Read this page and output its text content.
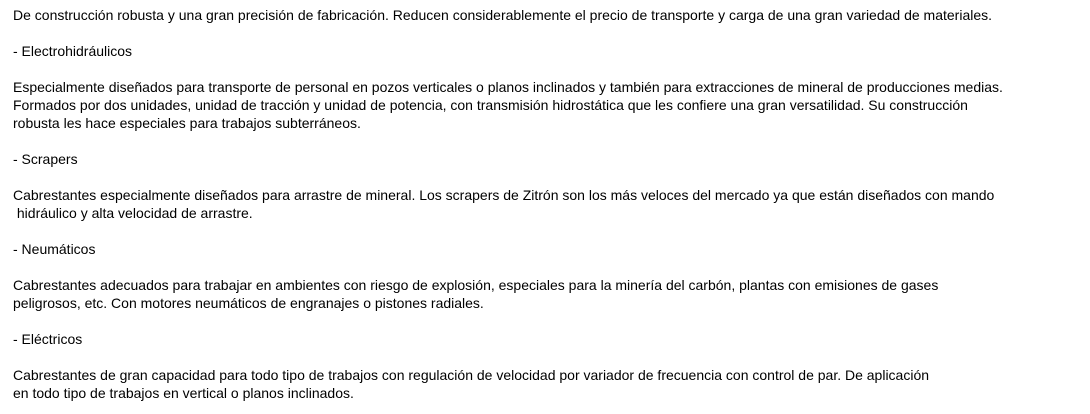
De construcción robusta y una gran precisión de fabricación. Reducen considerablemente el precio de transporte y carga de una gran variedad de materiales.
- Electrohidráulicos
Especialmente diseñados para transporte de personal en pozos verticales o planos inclinados y también para extracciones de mineral de producciones medias.
Formados por dos unidades, unidad de tracción y unidad de potencia, con transmisión hidrostática que les confiere una gran versatilidad. Su construcción
robusta les hace especiales para trabajos subterráneos.
- Scrapers
Cabrestantes especialmente diseñados para arrastre de mineral. Los scrapers de Zitrón son los más veloces del mercado ya que están diseñados con mando
hidráulico y alta velocidad de arrastre.
- Neumáticos
Cabrestantes adecuados para trabajar en ambientes con riesgo de explosión, especiales para la minería del carbón, plantas con emisiones de gases
peligrosos, etc. Con motores neumáticos de engranajes o pistones radiales.
- Eléctricos
Cabrestantes de gran capacidad para todo tipo de trabajos con regulación de velocidad por variador de frecuencia con control de par. De aplicación
en todo tipo de trabajos en vertical o planos inclinados.
